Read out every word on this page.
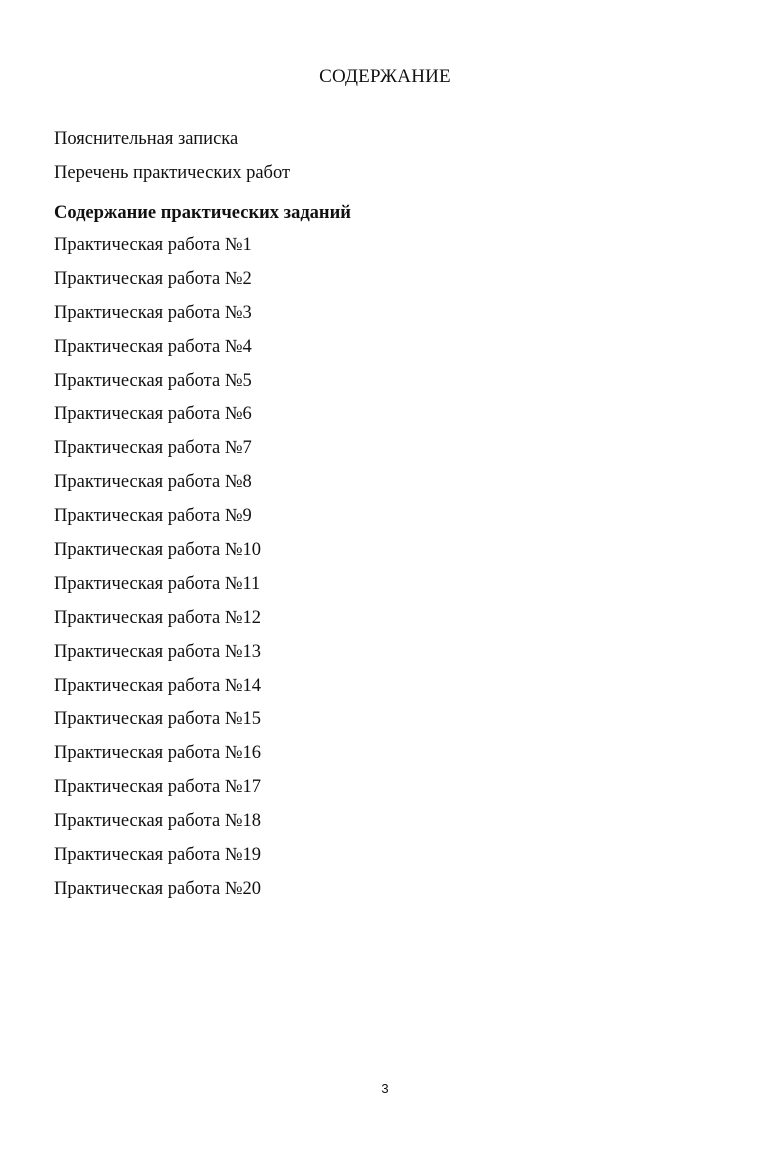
СОДЕРЖАНИЕ
Пояснительная записка
Перечень практических работ
Содержание практических заданий
Практическая работа №1
Практическая работа №2
Практическая работа №3
Практическая работа №4
Практическая работа №5
Практическая работа №6
Практическая работа №7
Практическая работа №8
Практическая работа №9
Практическая работа №10
Практическая работа №11
Практическая работа №12
Практическая работа №13
Практическая работа №14
Практическая работа №15
Практическая работа №16
Практическая работа №17
Практическая работа №18
Практическая работа №19
Практическая работа №20
3
